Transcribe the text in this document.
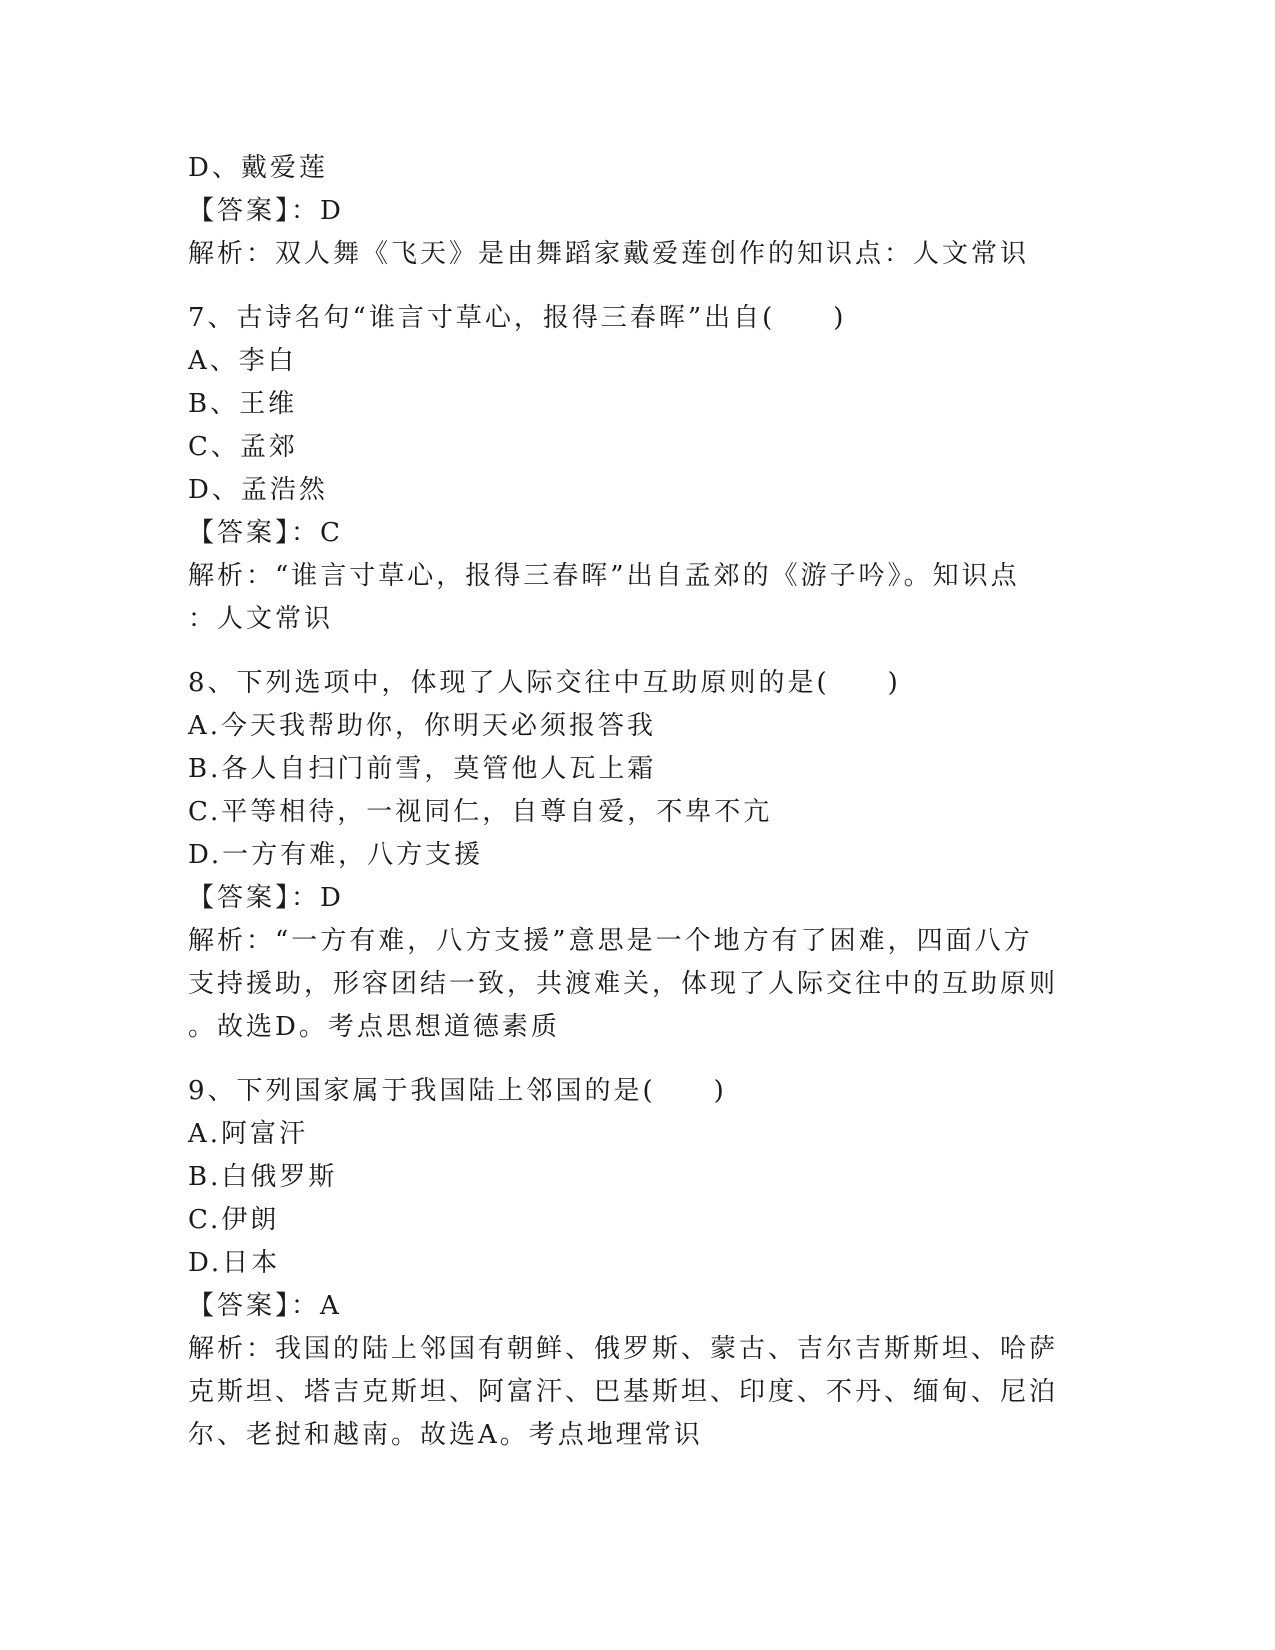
D、戴爱莲
【答案】：D
解析：双人舞《飞天》是由舞蹈家戴爱莲创作的知识点：人文常识
7、古诗名句“谁言寸草心，报得三春晖”出自(　　)
A、李白
B、王维
C、孟郊
D、孟浩然
【答案】：C
解析：“谁言寸草心，报得三春晖”出自孟郊的《游子吟》。知识点
：人文常识
8、下列选项中，体现了人际交往中互助原则的是(　　)
A.今天我帮助你，你明天必须报答我
B.各人自扫门前雪，莫管他人瓦上霜
C.平等相待，一视同仁，自尊自爱，不卑不亢
D.一方有难，八方支援
【答案】：D
解析：“一方有难，八方支援”意思是一个地方有了困难，四面八方
支持援助，形容团结一致，共渡难关，体现了人际交往中的互助原则
。故选D。考点思想道德素质
9、下列国家属于我国陆上邻国的是(　　)
A.阿富汗
B.白俄罗斯
C.伊朗
D.日本
【答案】：A
解析：我国的陆上邻国有朝鲜、俄罗斯、蒙古、吉尔吉斯斯坦、哈萨
克斯坦、塔吉克斯坦、阿富汗、巴基斯坦、印度、不丹、缅甸、尼泊
尔、老挝和越南。故选A。考点地理常识
